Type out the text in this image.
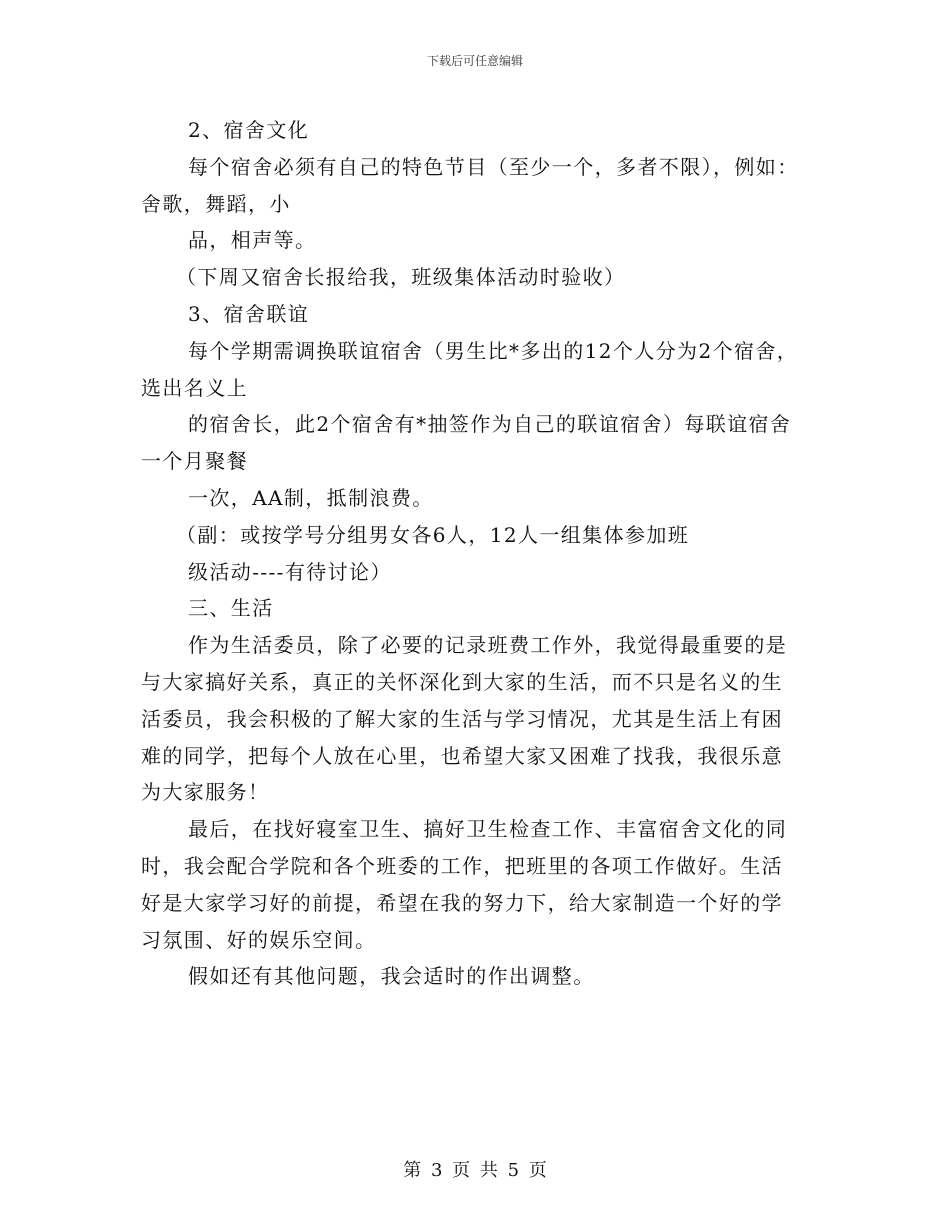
下载后可任意编辑
2、宿舍文化
每个宿舍必须有自己的特色节目（至少一个，多者不限），例如：
舍歌，舞蹈，小
品，相声等。
（下周又宿舍长报给我，班级集体活动时验收）
3、宿舍联谊
每个学期需调换联谊宿舍（男生比*多出的12个人分为2个宿舍，
选出名义上
的宿舍长，此2个宿舍有*抽签作为自己的联谊宿舍）每联谊宿舍
一个月聚餐
一次，AA制，抵制浪费。
（副：或按学号分组男女各6人，12人一组集体参加班
级活动----有待讨论）
三、生活
作为生活委员，除了必要的记录班费工作外，我觉得最重要的是
与大家搞好关系，真正的关怀深化到大家的生活，而不只是名义的生
活委员，我会积极的了解大家的生活与学习情况，尤其是生活上有困
难的同学，把每个人放在心里，也希望大家又困难了找我，我很乐意
为大家服务！
最后，在找好寝室卫生、搞好卫生检查工作、丰富宿舍文化的同
时，我会配合学院和各个班委的工作，把班里的各项工作做好。生活
好是大家学习好的前提，希望在我的努力下，给大家制造一个好的学
习氛围、好的娱乐空间。
假如还有其他问题，我会适时的作出调整。
第 3 页 共 5 页
